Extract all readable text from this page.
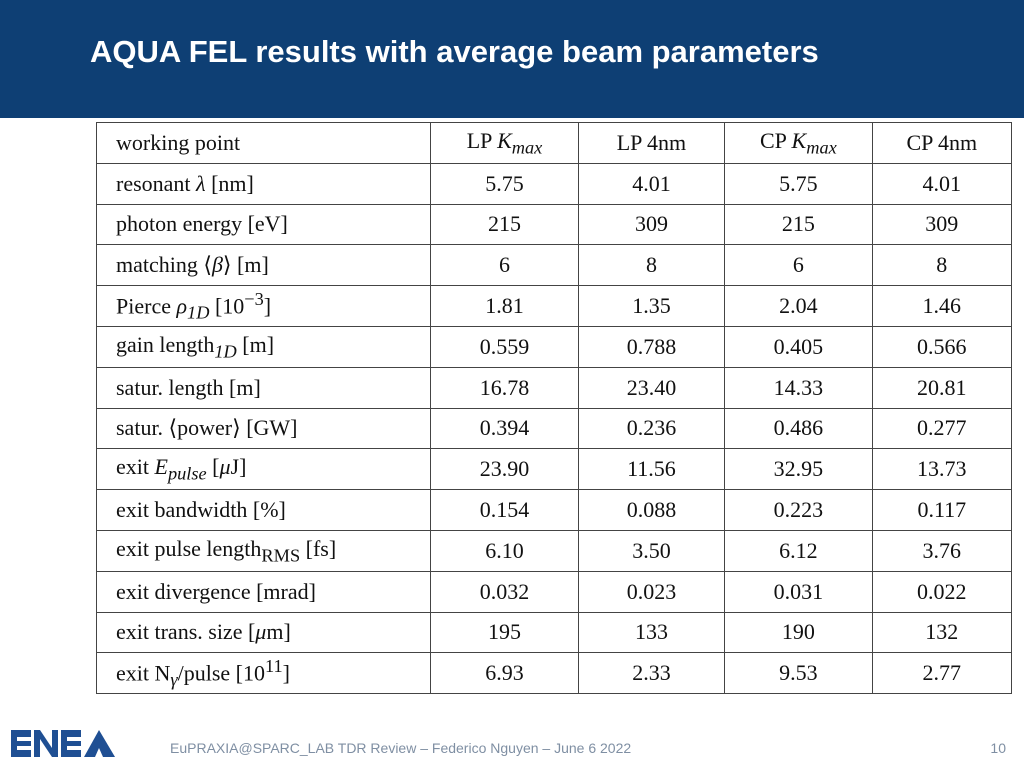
AQUA FEL results with average beam parameters
working point	LP $K_{max}$	LP 4nm	CP $K_{max}$	CP 4nm
resonant λ [nm]	5.75	4.01	5.75	4.01
photon energy [eV]	215	309	215	309
matching ⟨β⟩ [m]	6	8	6	8
Pierce $\rho_{1D}$ $[10^{-3}]$	1.81	1.35	2.04	1.46
gain length$_{1D}$ [m]	0.559	0.788	0.405	0.566
satur. length [m]	16.78	23.40	14.33	20.81
satur. ⟨power⟩ [GW]	0.394	0.236	0.486	0.277
exit $E_{pulse}$ [μJ]	23.90	11.56	32.95	13.73
exit bandwidth [%]	0.154	0.088	0.223	0.117
exit pulse length$_{RMS}$ [fs]	6.10	3.50	6.12	3.76
exit divergence [mrad]	0.032	0.023	0.031	0.022
exit trans. size [μm]	195	133	190	132
exit $N_\gamma$/pulse $[10^{11}]$	6.93	2.33	9.53	2.77
EuPRAXIA@SPARC_LAB TDR Review – Federico Nguyen – June 6 2022	10
